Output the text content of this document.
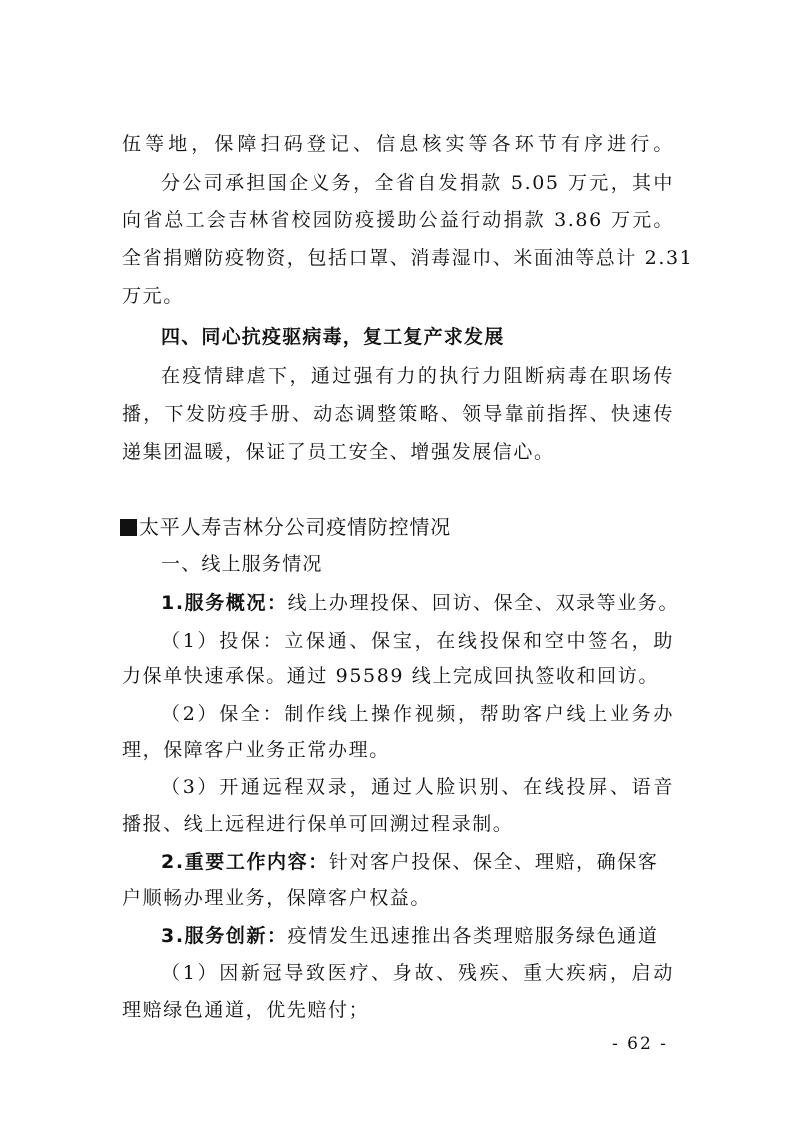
伍等地，保障扫码登记、信息核实等各环节有序进行。
分公司承担国企义务，全省自发捐款 5.05 万元，其中
向省总工会吉林省校园防疫援助公益行动捐款 3.86 万元。
全省捐赠防疫物资，包括口罩、消毒湿巾、米面油等总计 2.31
万元。
四、同心抗疫驱病毒，复工复产求发展
在疫情肆虐下，通过强有力的执行力阻断病毒在职场传
播，下发防疫手册、动态调整策略、领导靠前指挥、快速传
递集团温暖，保证了员工安全、增强发展信心。
太平人寿吉林分公司疫情防控情况
一、线上服务情况
1.服务概况：线上办理投保、回访、保全、双录等业务。
（1）投保：立保通、保宝，在线投保和空中签名，助
力保单快速承保。通过 95589 线上完成回执签收和回访。
（2）保全：制作线上操作视频，帮助客户线上业务办
理，保障客户业务正常办理。
（3）开通远程双录，通过人脸识别、在线投屏、语音
播报、线上远程进行保单可回溯过程录制。
2.重要工作内容：针对客户投保、保全、理赔，确保客
户顺畅办理业务，保障客户权益。
3.服务创新：疫情发生迅速推出各类理赔服务绿色通道
（1）因新冠导致医疗、身故、残疾、重大疾病，启动
理赔绿色通道，优先赔付；
- 62 -
